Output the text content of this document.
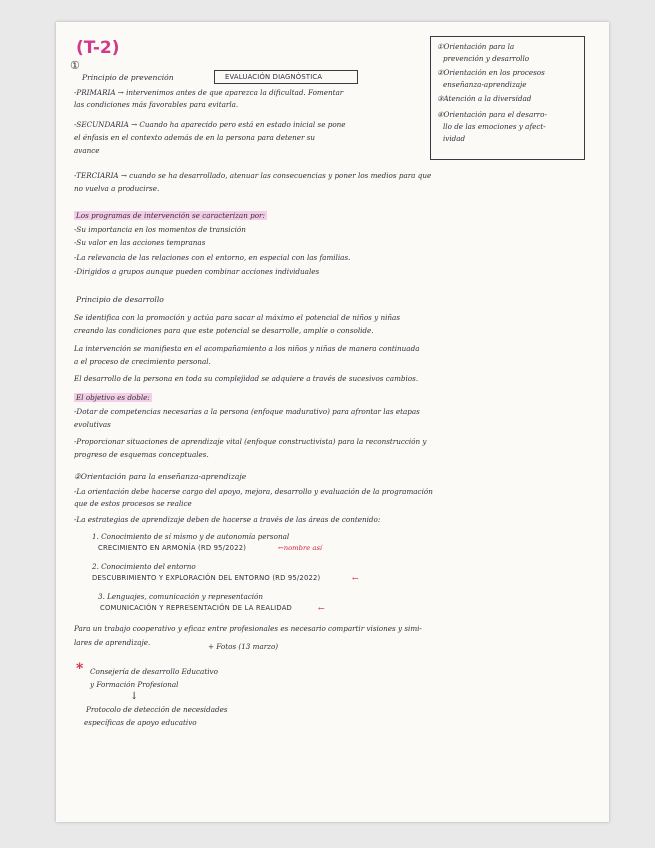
(T-2)
①
①Orientación para la
prevención y desarrollo
②Orientación en los procesos
enseñanza-aprendizaje
③Atención a la diversidad
④Orientación para el desarro-
llo de las emociones y afect-
ividad
Principio de prevención	EVALUACIÓN DIAGNÓSTICA
-PRIMARIA → intervenimos antes de que aparezca la dificultad. Fomentar
las condiciones más favorables para evitarla.
-SECUNDARIA → Cuando ha aparecido pero está en estado inicial se pone
el énfasis en el contexto además de en la persona para detener su
avance
-TERCIARIA → cuando se ha desarrollado, atenuar las consecuencias y poner los medios para que
no vuelva a producirse.
Los programas de intervención se caracterizan por:
-Su importancia en los momentos de transición
-Su valor en las acciones tempranas
-La relevancia de las relaciones con el entorno, en especial con las familias.
-Dirigidos a grupos aunque pueden combinar acciones individuales
Principio de desarrollo
Se identifica con la promoción y actúa para sacar al máximo el potencial de niños y niñas
creando las condiciones para que este potencial se desarrolle, amplíe o consolide.
La intervención se manifiesta en el acompañamiento a los niños y niñas de manera continuada
a el proceso de crecimiento personal.
El desarrollo de la persona en toda su complejidad se adquiere a través de sucesivos cambios.
El objetivo es doble:
-Dotar de competencias necesarias a la persona (enfoque madurativo) para afrontar las etapas
evolutivas
-Proporcionar situaciones de aprendizaje vital (enfoque constructivista) para la reconstrucción y
progreso de esquemas conceptuales.
②Orientación para la enseñanza-aprendizaje
-La orientación debe hacerse cargo del apoyo, mejora, desarrollo y evaluación de la programación
que de estos procesos se realice
-La estrategias de aprendizaje deben de hacerse a través de las áreas de contenido:
1. Conocimiento de sí mismo y de autonomía personal
CRECIMIENTO EN ARMONÍA (RD 95/2022)	←nombre así
2. Conocimiento del entorno
DESCUBRIMIENTO Y EXPLORACIÓN DEL ENTORNO (RD 95/2022)	←
3. Lenguajes, comunicación y representación
COMUNICACIÓN Y REPRESENTACIÓN DE LA REALIDAD	←
Para un trabajo cooperativo y eficaz entre profesionales es necesario compartir visiones y simi-
lares de aprendizaje.	+ Fotos (13 marzo)
* Consejería de desarrollo Educativo
y Formación Profesional
↓
Protocolo de detección de necesidades
específicas de apoyo educativo
